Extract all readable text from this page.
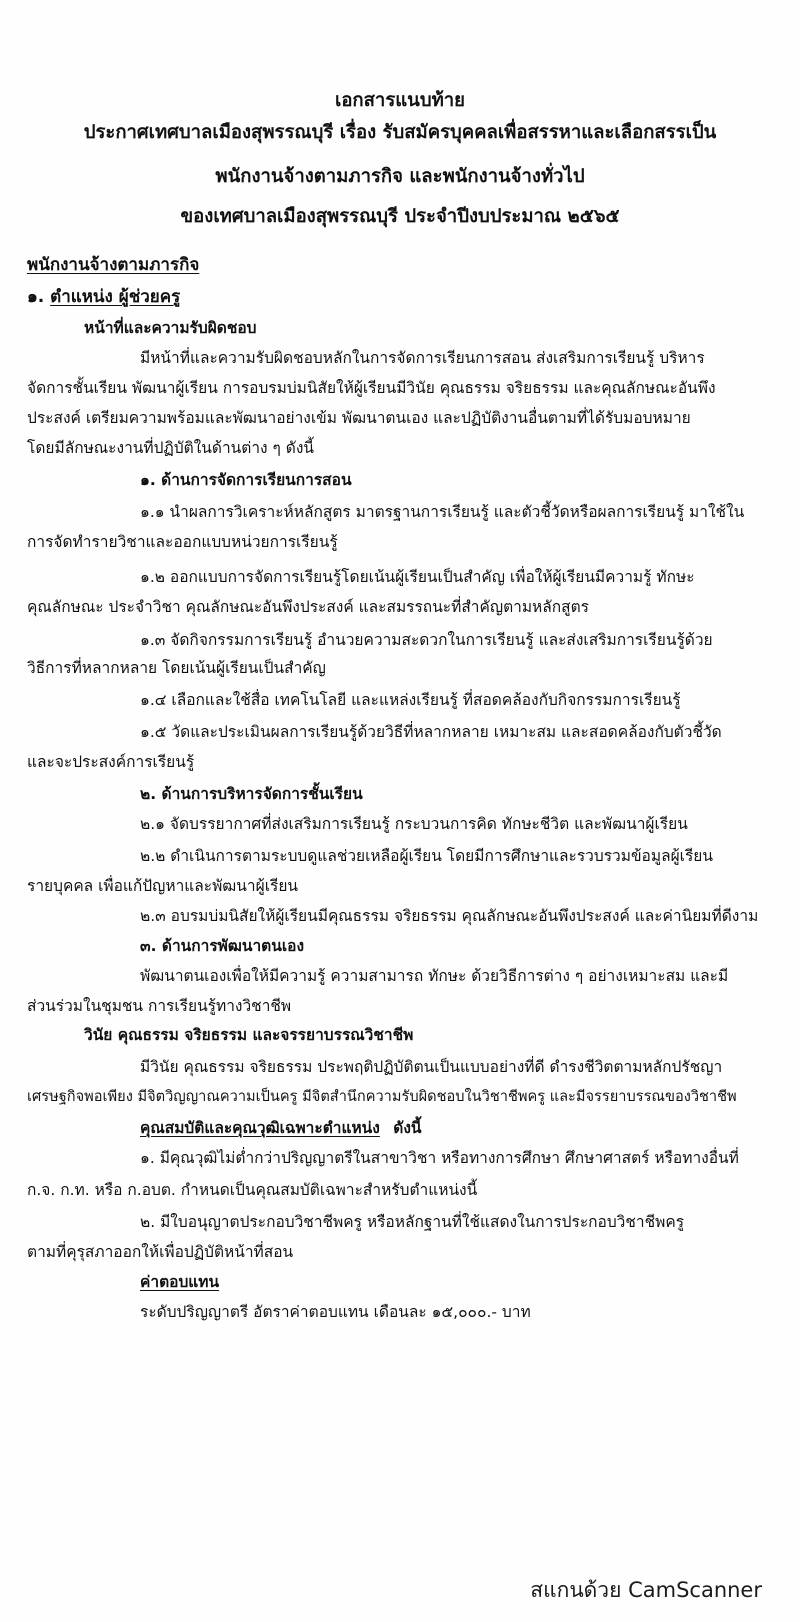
เอกสารแนบท้าย
ประกาศเทศบาลเมืองสุพรรณบุรี เรื่อง รับสมัครบุคคลเพื่อสรรหาและเลือกสรรเป็น
พนักงานจ้างตามภารกิจ และพนักงานจ้างทั่วไป
ของเทศบาลเมืองสุพรรณบุรี ประจำปีงบประมาณ ๒๕๖๕
พนักงานจ้างตามภารกิจ
๑. ตำแหน่ง ผู้ช่วยครู
หน้าที่และความรับผิดชอบ
มีหน้าที่และความรับผิดชอบหลักในการจัดการเรียนการสอน ส่งเสริมการเรียนรู้ บริหาร
จัดการชั้นเรียน พัฒนาผู้เรียน การอบรมบ่มนิสัยให้ผู้เรียนมีวินัย คุณธรรม จริยธรรม และคุณลักษณะอันพึง
ประสงค์ เตรียมความพร้อมและพัฒนาอย่างเข้ม พัฒนาตนเอง และปฏิบัติงานอื่นตามที่ได้รับมอบหมาย
โดยมีลักษณะงานที่ปฏิบัติในด้านต่าง ๆ ดังนี้
๑. ด้านการจัดการเรียนการสอน
๑.๑ นำผลการวิเคราะห์หลักสูตร มาตรฐานการเรียนรู้ และตัวชี้วัดหรือผลการเรียนรู้ มาใช้ใน
การจัดทำรายวิชาและออกแบบหน่วยการเรียนรู้
๑.๒ ออกแบบการจัดการเรียนรู้โดยเน้นผู้เรียนเป็นสำคัญ เพื่อให้ผู้เรียนมีความรู้ ทักษะ
คุณลักษณะ ประจำวิชา คุณลักษณะอันพึงประสงค์ และสมรรถนะที่สำคัญตามหลักสูตร
๑.๓ จัดกิจกรรมการเรียนรู้ อำนวยความสะดวกในการเรียนรู้ และส่งเสริมการเรียนรู้ด้วย
วิธีการที่หลากหลาย โดยเน้นผู้เรียนเป็นสำคัญ
๑.๔ เลือกและใช้สื่อ เทคโนโลยี และแหล่งเรียนรู้ ที่สอดคล้องกับกิจกรรมการเรียนรู้
๑.๕ วัดและประเมินผลการเรียนรู้ด้วยวิธีที่หลากหลาย เหมาะสม และสอดคล้องกับตัวชี้วัด
และจะประสงค์การเรียนรู้
๒. ด้านการบริหารจัดการชั้นเรียน
๒.๑ จัดบรรยากาศที่ส่งเสริมการเรียนรู้ กระบวนการคิด ทักษะชีวิต และพัฒนาผู้เรียน
๒.๒ ดำเนินการตามระบบดูแลช่วยเหลือผู้เรียน โดยมีการศึกษาและรวบรวมข้อมูลผู้เรียน
รายบุคคล เพื่อแก้ปัญหาและพัฒนาผู้เรียน
๒.๓ อบรมบ่มนิสัยให้ผู้เรียนมีคุณธรรม จริยธรรม คุณลักษณะอันพึงประสงค์ และค่านิยมที่ดีงาม
๓. ด้านการพัฒนาตนเอง
พัฒนาตนเองเพื่อให้มีความรู้ ความสามารถ ทักษะ ด้วยวิธีการต่าง ๆ อย่างเหมาะสม และมี
ส่วนร่วมในชุมชน การเรียนรู้ทางวิชาชีพ
วินัย คุณธรรม จริยธรรม และจรรยาบรรณวิชาชีพ
มีวินัย คุณธรรม จริยธรรม ประพฤติปฏิบัติตนเป็นแบบอย่างที่ดี ดำรงชีวิตตามหลักปรัชญา
เศรษฐกิจพอเพียง มีจิตวิญญาณความเป็นครู มีจิตสำนึกความรับผิดชอบในวิชาชีพครู และมีจรรยาบรรณของวิชาชีพ
คุณสมบัติและคุณวุฒิเฉพาะตำแหน่ง ดังนี้
๑. มีคุณวุฒิไม่ต่ำกว่าปริญญาตรีในสาขาวิชา หรือทางการศึกษา ศึกษาศาสตร์ หรือทางอื่นที่
ก.จ. ก.ท. หรือ ก.อบต. กำหนดเป็นคุณสมบัติเฉพาะสำหรับตำแหน่งนี้
๒. มีใบอนุญาตประกอบวิชาชีพครู หรือหลักฐานที่ใช้แสดงในการประกอบวิชาชีพครู
ตามที่คุรุสภาออกให้เพื่อปฏิบัติหน้าที่สอน
ค่าตอบแทน
ระดับปริญญาตรี อัตราค่าตอบแทน เดือนละ ๑๕,๐๐๐.- บาท
สแกนด้วย CamScanner
